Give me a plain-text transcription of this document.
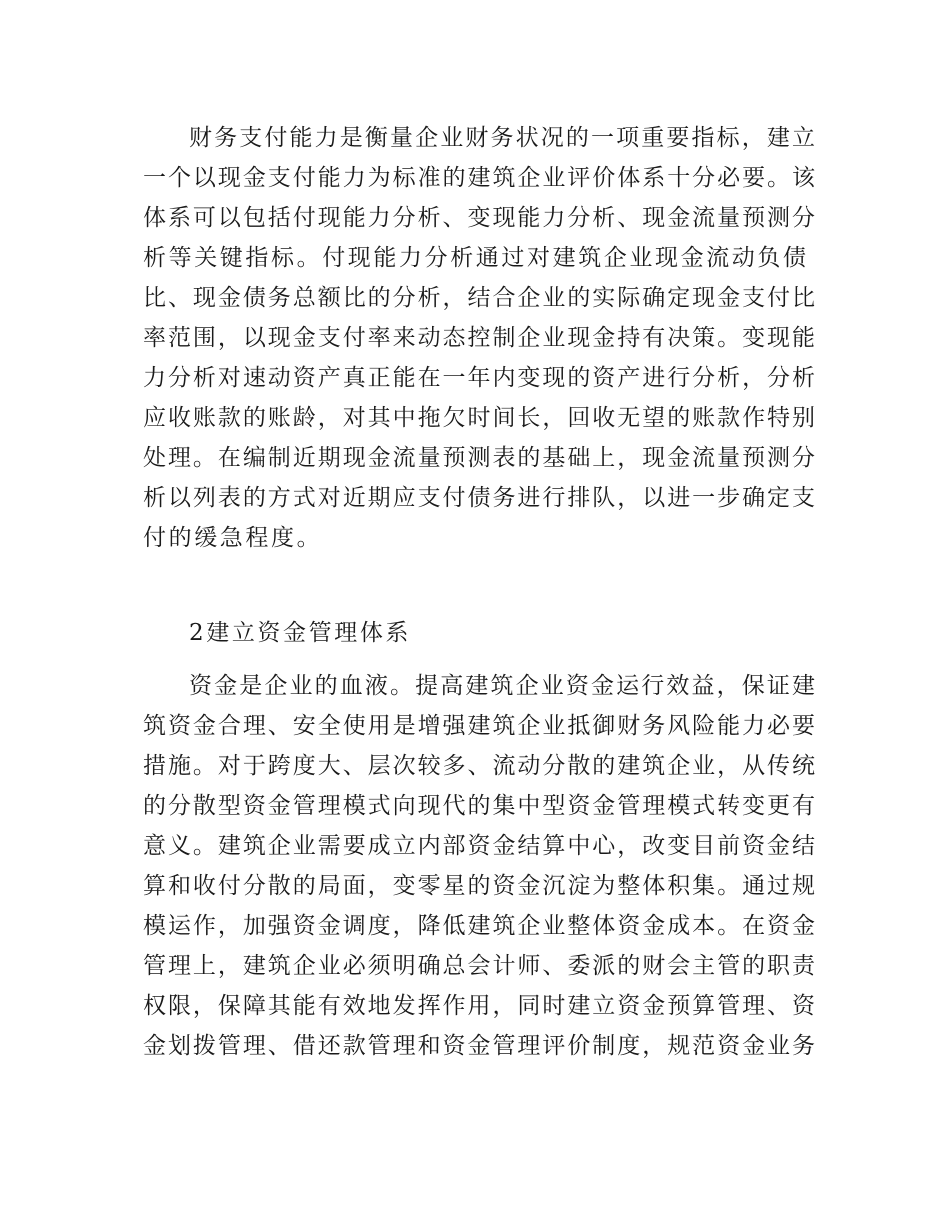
财务支付能力是衡量企业财务状况的一项重要指标，建立
一个以现金支付能力为标准的建筑企业评价体系十分必要。该
体系可以包括付现能力分析、变现能力分析、现金流量预测分
析等关键指标。付现能力分析通过对建筑企业现金流动负债
比、现金债务总额比的分析，结合企业的实际确定现金支付比
率范围，以现金支付率来动态控制企业现金持有决策。变现能
力分析对速动资产真正能在一年内变现的资产进行分析，分析
应收账款的账龄，对其中拖欠时间长，回收无望的账款作特别
处理。在编制近期现金流量预测表的基础上，现金流量预测分
析以列表的方式对近期应支付债务进行排队，以进一步确定支
付的缓急程度。
2建立资金管理体系
资金是企业的血液。提高建筑企业资金运行效益，保证建
筑资金合理、安全使用是增强建筑企业抵御财务风险能力必要
措施。对于跨度大、层次较多、流动分散的建筑企业，从传统
的分散型资金管理模式向现代的集中型资金管理模式转变更有
意义。建筑企业需要成立内部资金结算中心，改变目前资金结
算和收付分散的局面，变零星的资金沉淀为整体积集。通过规
模运作，加强资金调度，降低建筑企业整体资金成本。在资金
管理上，建筑企业必须明确总会计师、委派的财会主管的职责
权限，保障其能有效地发挥作用，同时建立资金预算管理、资
金划拨管理、借还款管理和资金管理评价制度，规范资金业务
